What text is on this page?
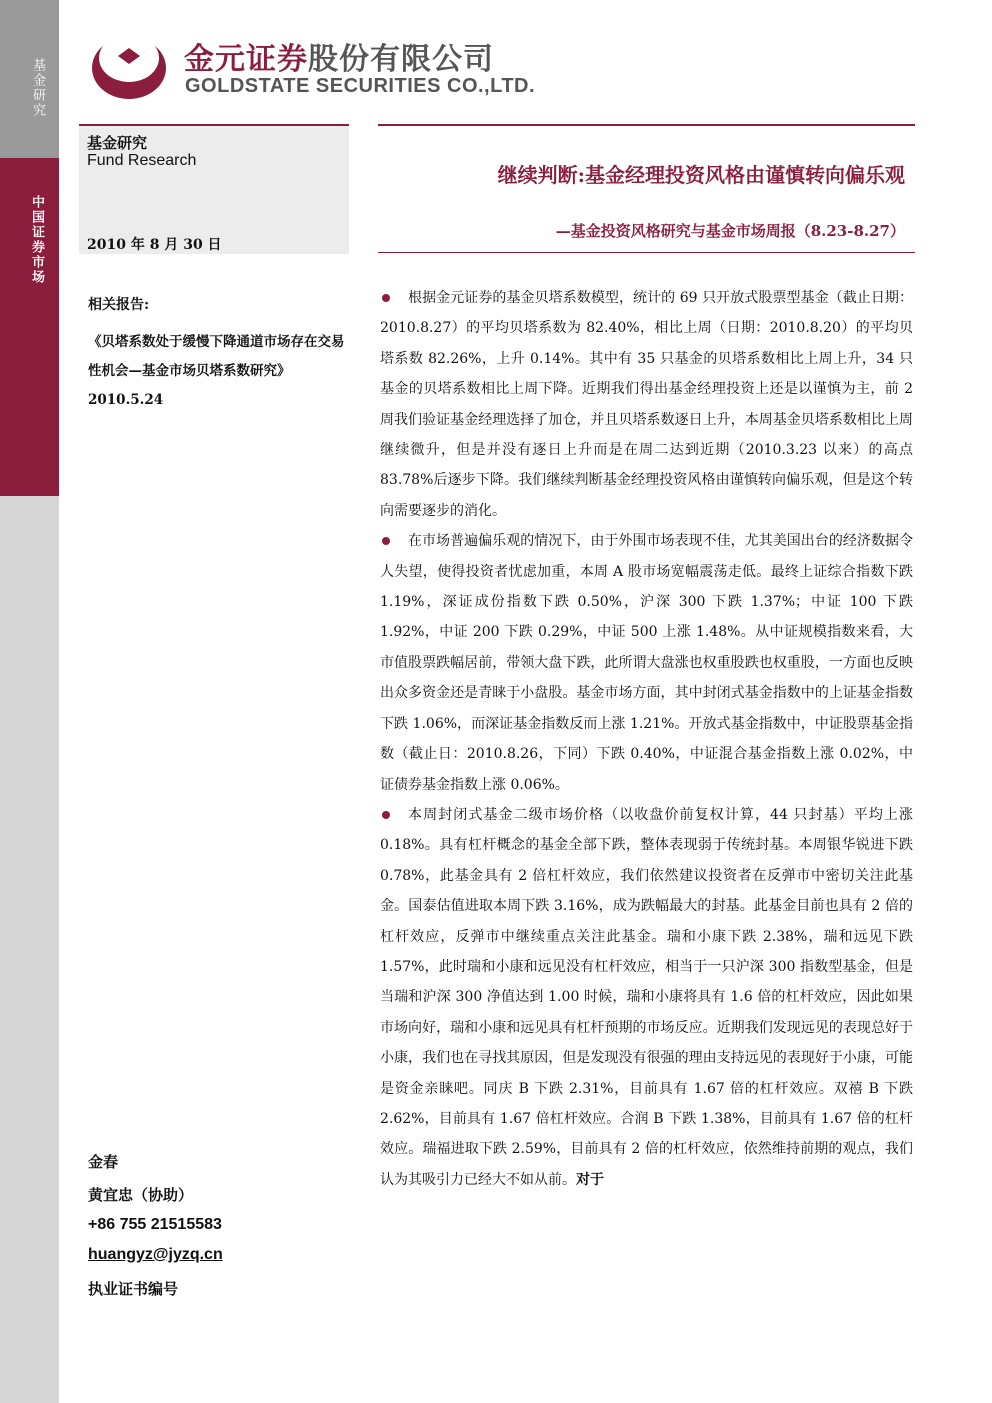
基金研究
中国证券市场
金元证券股份有限公司
GOLDSTATE SECURITIES CO.,LTD.
基金研究
Fund Research
2010 年 8 月 30 日
继续判断:基金经理投资风格由谨慎转向偏乐观
—基金投资风格研究与基金市场周报（8.23-8.27）
相关报告:
《贝塔系数处于缓慢下降通道市场存在交易性机会—基金市场贝塔系数研究》2010.5.24
金春
黄宜忠（协助）
+86 755 21515583
huangyz@jyzq.cn
执业证书编号

根据金元证券的基金贝塔系数模型，统计的 69 只开放式股票型基金（截止日期：2010.8.27）的平均贝塔系数为 82.40%，相比上周（日期：2010.8.20）的平均贝塔系数 82.26%，上升 0.14%。其中有 35 只基金的贝塔系数相比上周上升，34 只基金的贝塔系数相比上周下降。近期我们得出基金经理投资上还是以谨慎为主，前 2 周我们验证基金经理选择了加仓，并且贝塔系数逐日上升，本周基金贝塔系数相比上周继续微升，但是并没有逐日上升而是在周二达到近期（2010.3.23 以来）的高点 83.78%后逐步下降。我们继续判断基金经理投资风格由谨慎转向偏乐观，但是这个转向需要逐步的消化。

在市场普遍偏乐观的情况下，由于外围市场表现不佳，尤其美国出台的经济数据令人失望，使得投资者忧虑加重，本周 A 股市场宽幅震荡走低。最终上证综合指数下跌 1.19%，深证成份指数下跌 0.50%，沪深 300 下跌 1.37%；中证 100 下跌 1.92%，中证 200 下跌 0.29%，中证 500 上涨 1.48%。从中证规模指数来看，大市值股票跌幅居前，带领大盘下跌，此所谓大盘涨也权重股跌也权重股，一方面也反映出众多资金还是青睐于小盘股。基金市场方面，其中封闭式基金指数中的上证基金指数下跌 1.06%，而深证基金指数反而上涨 1.21%。开放式基金指数中，中证股票基金指数（截止日：2010.8.26，下同）下跌 0.40%，中证混合基金指数上涨 0.02%，中证债券基金指数上涨 0.06%。

本周封闭式基金二级市场价格（以收盘价前复权计算，44 只封基）平均上涨 0.18%。具有杠杆概念的基金全部下跌，整体表现弱于传统封基。本周银华锐进下跌 0.78%，此基金具有 2 倍杠杆效应，我们依然建议投资者在反弹市中密切关注此基金。国泰估值进取本周下跌 3.16%，成为跌幅最大的封基。此基金目前也具有 2 倍的杠杆效应，反弹市中继续重点关注此基金。瑞和小康下跌 2.38%，瑞和远见下跌 1.57%，此时瑞和小康和远见没有杠杆效应，相当于一只沪深 300 指数型基金，但是当瑞和沪深 300 净值达到 1.00 时候，瑞和小康将具有 1.6 倍的杠杆效应，因此如果市场向好，瑞和小康和远见具有杠杆预期的市场反应。近期我们发现远见的表现总好于小康，我们也在寻找其原因，但是发现没有很强的理由支持远见的表现好于小康，可能是资金亲睐吧。同庆 B 下跌 2.31%，目前具有 1.67 倍的杠杆效应。双禧 B 下跌 2.62%，目前具有 1.67 倍杠杆效应。合润 B 下跌 1.38%，目前具有 1.67 倍的杠杆效应。瑞福进取下跌 2.59%，目前具有 2 倍的杠杆效应，依然维持前期的观点，我们认为其吸引力已经大不如从前。对于
